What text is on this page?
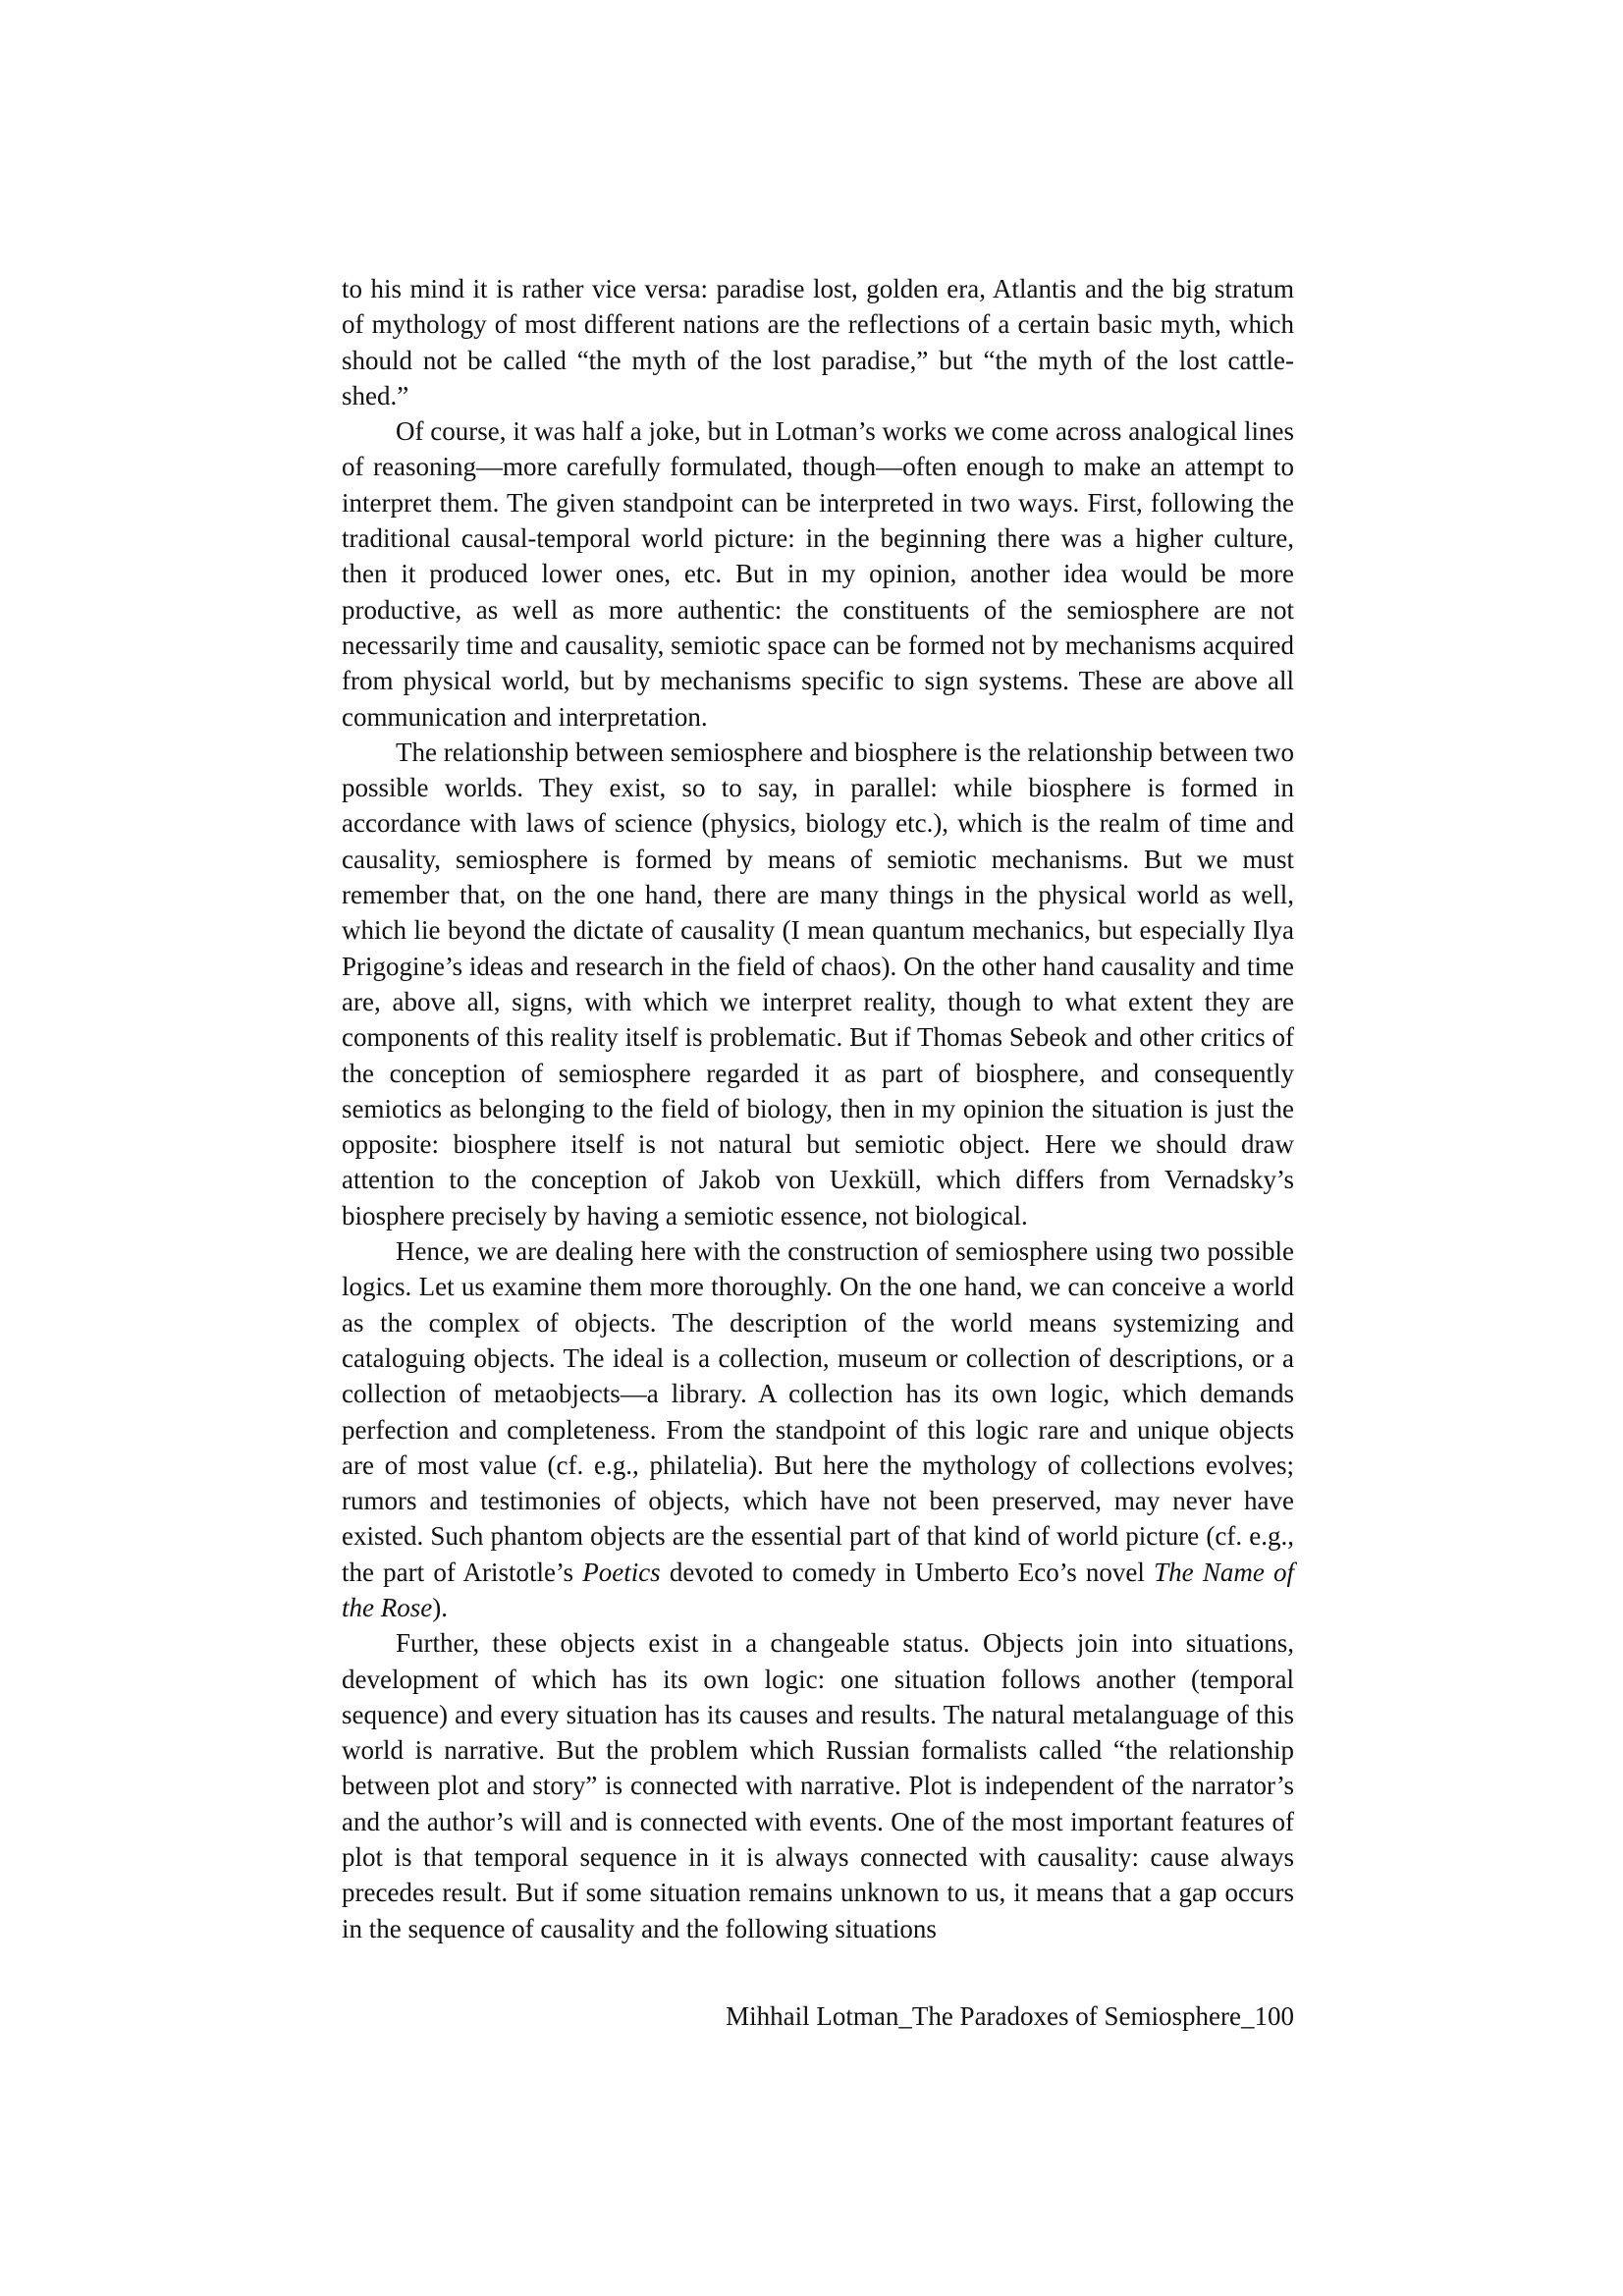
to his mind it is rather vice versa: paradise lost, golden era, Atlantis and the big stratum of mythology of most different nations are the reflections of a certain basic myth, which should not be called “the myth of the lost paradise,” but “the myth of the lost cattle-shed.”

Of course, it was half a joke, but in Lotman’s works we come across analogical lines of reasoning—more carefully formulated, though—often enough to make an attempt to interpret them. The given standpoint can be interpreted in two ways. First, following the traditional causal-temporal world picture: in the beginning there was a higher culture, then it produced lower ones, etc. But in my opinion, another idea would be more productive, as well as more authentic: the constituents of the semiosphere are not necessarily time and causality, semiotic space can be formed not by mechanisms acquired from physical world, but by mechanisms specific to sign systems. These are above all communication and interpretation.

The relationship between semiosphere and biosphere is the relationship between two possible worlds. They exist, so to say, in parallel: while biosphere is formed in accordance with laws of science (physics, biology etc.), which is the realm of time and causality, semiosphere is formed by means of semiotic mechanisms. But we must remember that, on the one hand, there are many things in the physical world as well, which lie beyond the dictate of causality (I mean quantum mechanics, but especially Ilya Prigogine’s ideas and research in the field of chaos). On the other hand causality and time are, above all, signs, with which we interpret reality, though to what extent they are components of this reality itself is problematic. But if Thomas Sebeok and other critics of the conception of semiosphere regarded it as part of biosphere, and consequently semiotics as belonging to the field of biology, then in my opinion the situation is just the opposite: biosphere itself is not natural but semiotic object. Here we should draw attention to the conception of Jakob von Uexküll, which differs from Vernadsky’s biosphere precisely by having a semiotic essence, not biological.

Hence, we are dealing here with the construction of semiosphere using two possible logics. Let us examine them more thoroughly. On the one hand, we can conceive a world as the complex of objects. The description of the world means systemizing and cataloguing objects. The ideal is a collection, museum or collection of descriptions, or a collection of metaobjects—a library. A collection has its own logic, which demands perfection and completeness. From the standpoint of this logic rare and unique objects are of most value (cf. e.g., philatelia). But here the mythology of collections evolves; rumors and testimonies of objects, which have not been preserved, may never have existed. Such phantom objects are the essential part of that kind of world picture (cf. e.g., the part of Aristotle’s Poetics devoted to comedy in Umberto Eco’s novel The Name of the Rose).

Further, these objects exist in a changeable status. Objects join into situations, development of which has its own logic: one situation follows another (temporal sequence) and every situation has its causes and results. The natural metalanguage of this world is narrative. But the problem which Russian formalists called “the relationship between plot and story” is connected with narrative. Plot is independent of the narrator’s and the author’s will and is connected with events. One of the most important features of plot is that temporal sequence in it is always connected with causality: cause always precedes result. But if some situation remains unknown to us, it means that a gap occurs in the sequence of causality and the following situations

Mihhail Lotman_The Paradoxes of Semiosphere_100
